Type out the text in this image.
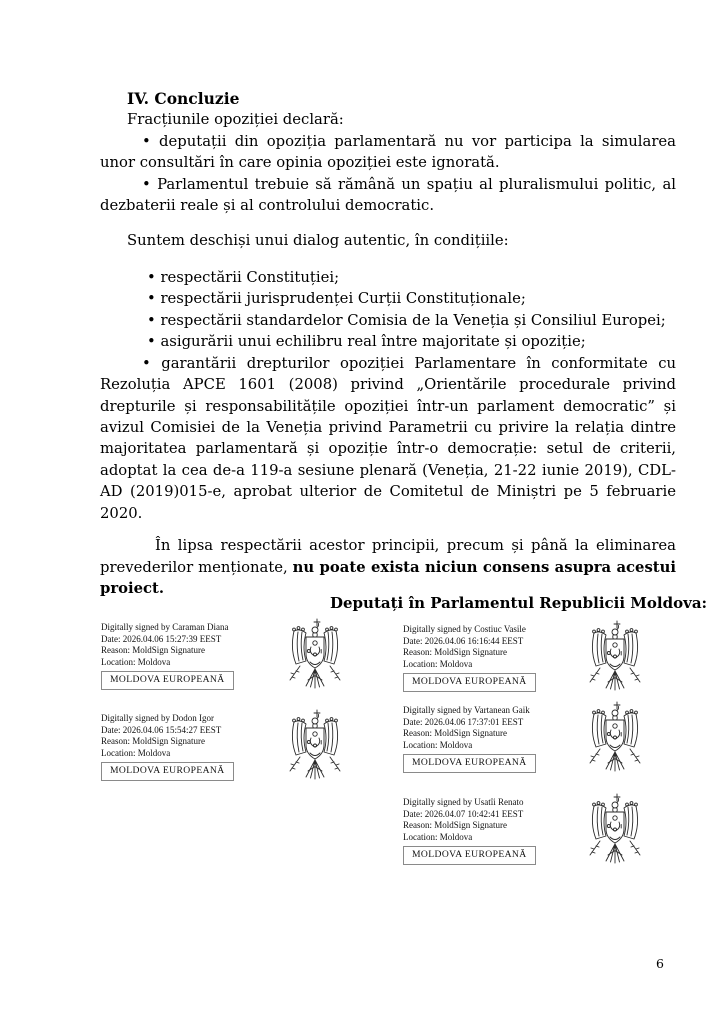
IV. Concluzie

Fracțiunile opoziției declară:

• deputații din opoziția parlamentară nu vor participa la simularea unor consultări în care opinia opoziției este ignorată.

• Parlamentul trebuie să rămână un spațiu al pluralismului politic, al dezbaterii reale și al controlului democratic.

Suntem deschiși unui dialog autentic, în condițiile:

• respectării Constituției;
• respectării jurisprudenței Curții Constituționale;
• respectării standardelor Comisia de la Veneția și Consiliul Europei;
• asigurării unui echilibru real între majoritate și opoziție;

• garantării drepturilor opoziției Parlamentare în conformitate cu Rezoluția APCE 1601 (2008) privind „Orientările procedurale privind drepturile și responsabilitățile opoziției într-un parlament democratic” și avizul Comisiei de la Veneția privind Parametrii cu privire la relația dintre majoritatea parlamentară și opoziție într-o democrație: setul de criterii, adoptat la cea de-a 119-a sesiune plenară (Veneția, 21-22 iunie 2019), CDL-AD (2019)015-e, aprobat ulterior de Comitetul de Miniștri pe 5 februarie 2020.

În lipsa respectării acestor principii, precum și până la eliminarea prevederilor menționate, nu poate exista niciun consens asupra acestui proiect.

Deputați în Parlamentul Republicii Moldova:
Digitally signed by Caraman Diana
Date: 2026.04.06 15:27:39 EEST
Reason: MoldSign Signature
Location: Moldova
MOLDOVA EUROPEANĂ
Digitally signed by Costiuc Vasile
Date: 2026.04.06 16:16:44 EEST
Reason: MoldSign Signature
Location: Moldova
MOLDOVA EUROPEANĂ
Digitally signed by Dodon Igor
Date: 2026.04.06 15:54:27 EEST
Reason: MoldSign Signature
Location: Moldova
MOLDOVA EUROPEANĂ
Digitally signed by Vartanean Gaik
Date: 2026.04.06 17:37:01 EEST
Reason: MoldSign Signature
Location: Moldova
MOLDOVA EUROPEANĂ
Digitally signed by Usatîi Renato
Date: 2026.04.07 10:42:41 EEST
Reason: MoldSign Signature
Location: Moldova
MOLDOVA EUROPEANĂ
6
